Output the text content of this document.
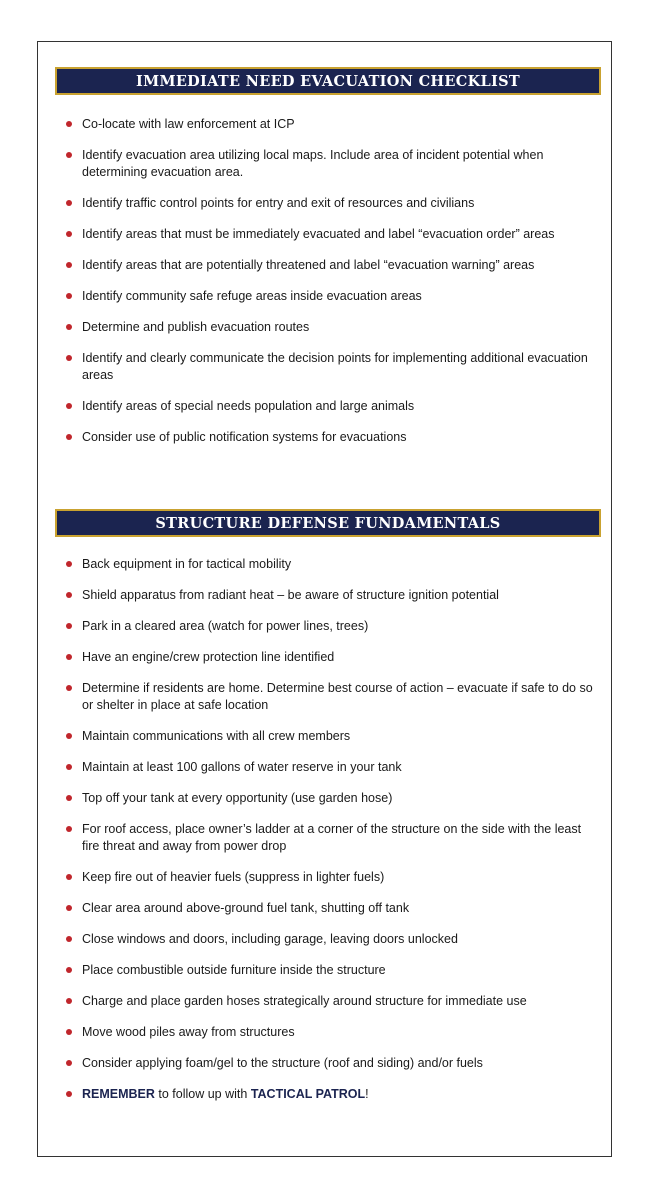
IMMEDIATE NEED EVACUATION CHECKLIST
Co-locate with law enforcement at ICP
Identify evacuation area utilizing local maps. Include area of incident potential when determining evacuation area.
Identify traffic control points for entry and exit of resources and civilians
Identify areas that must be immediately evacuated and label “evacuation order” areas
Identify areas that are potentially threatened and label “evacuation warning” areas
Identify community safe refuge areas inside evacuation areas
Determine and publish evacuation routes
Identify and clearly communicate the decision points for implementing additional evacuation areas
Identify areas of special needs population and large animals
Consider use of public notification systems for evacuations
STRUCTURE DEFENSE FUNDAMENTALS
Back equipment in for tactical mobility
Shield apparatus from radiant heat – be aware of structure ignition potential
Park in a cleared area (watch for power lines, trees)
Have an engine/crew protection line identified
Determine if residents are home. Determine best course of action – evacuate if safe to do so or shelter in place at safe location
Maintain communications with all crew members
Maintain at least 100 gallons of water reserve in your tank
Top off your tank at every opportunity (use garden hose)
For roof access, place owner’s ladder at a corner of the structure on the side with the least fire threat and away from power drop
Keep fire out of heavier fuels (suppress in lighter fuels)
Clear area around above-ground fuel tank, shutting off tank
Close windows and doors, including garage, leaving doors unlocked
Place combustible outside furniture inside the structure
Charge and place garden hoses strategically around structure for immediate use
Move wood piles away from structures
Consider applying foam/gel to the structure (roof and siding) and/or fuels
REMEMBER to follow up with TACTICAL PATROL!
